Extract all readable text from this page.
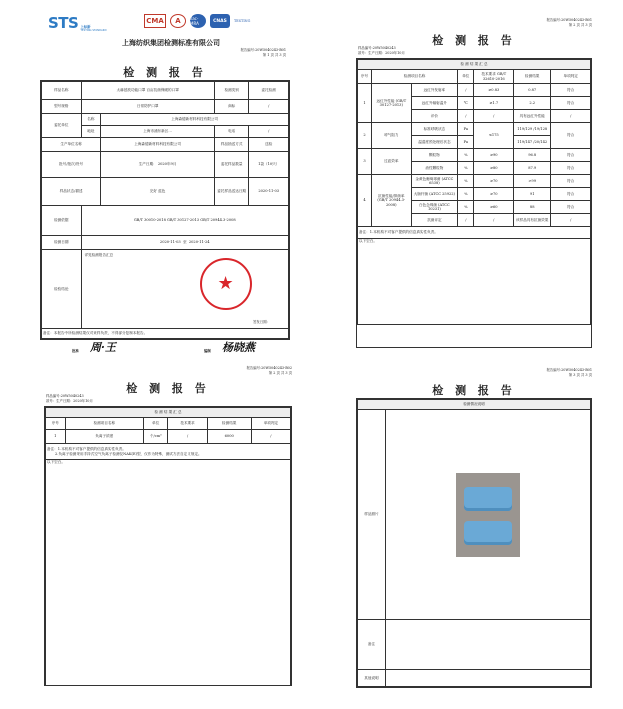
STS 上标新
TESTING STANDARD
CMA	A	ilac-MRA	CNAS	TESTING
上海纺织集团检测标准有限公司
报告编号:20W5040243-B01
第 1 页 共 3 页
检 测 报 告
样品名称	太赫兹波功能口罩 百亩抗菌保暖的口罩		检测类别	委托检测
型号规格	日常防护口罩		商标	/
委托单位	名称	上海森德新材料科技有限公司		
	地址	上海市浦东新区…	电话	/
生产单位名称		上海森德新材料科技有限公司	样品抽送方式	送检
批号/批次/货号		生产日期： 2020年9月	委托样品数量	1袋（10只）
样品状态/描述		完好 蓝色	委托样品送达日期	2020-11-03
检测依据	GB/T 30010-2018 GB/T 30127-2013 GB/T 20944.3-2008			
检测日期	2020-11-03 至 2020-11-24			
检验结论	详见检测报告汇总
★
签发日期：			

备注：本报告中所检测结果仅对来样负责，不得部分复制本报告。				
批准 周·王	编制 杨晓燕
报告编号:20W5040243-B01
第 2 页 共 3 页
检 测 报 告
样品编号:20W5040243
款号：生产日期：2020年10月
检 测 结 果 汇 总						
序号	检测项目名称		单位	技术要求 GB/T 32610-2016	检测结果	单项判定
1	远红外性能 (GB/T 30127-2013)	远红外发射率	/	≥0.83	0.87	符合
		远红外辐射温升	℃	≥1.7	2.2	符合
		评价	/	/	具有远红外性能	/
2	呼气阻力	标准呼吸状态	Pa	≤175	119/129 /19/128	符合
		温湿度预处理后状态	Pa		119/147 /20/142	
3	过滤效率	颗粒物	%	≥90	96.8	符合
		油性颗粒物	%	≥80	87.9	符合
4	抗菌性能/抑菌率 (GB/T 20944.3-2008)	金黄色葡萄球菌 (ATCC 6538)	%	≥70	>99	符合
		大肠杆菌 (ATCC 25922)	%	≥70	91	符合
		白色念珠菌 (ATCC 10231)	%	≥60	88	符合
		抗菌评定	/	/	该样品具有抗菌效果	/
备注：1.本机构不对客户提供的信息真实性负责。						
以下空白。						
报告编号:20W5040243-B02
第 2 页 共 3 页
检 测 报 告
样品编号:20W5040243
款号：生产日期：2020年10月
检 测 结 果 汇 总					
序号	检测项目名称	单位	技术要求	检测结果	单项判定
1	负离子浓度	个/cm³	/	6000	/

备注：1.本机构不对客户提供的信息真实性负责。
2.负离子检测采用手持式空气负离子检测仪NAK(E)型，仅作为特殊，测试方法自定义规定。					

以下空白。					
报告编号:20W5040243-B01
第 3 页 共 3 页
检 测 报 告
检测情况说明	
样品照片	

备注	
其他说明	
